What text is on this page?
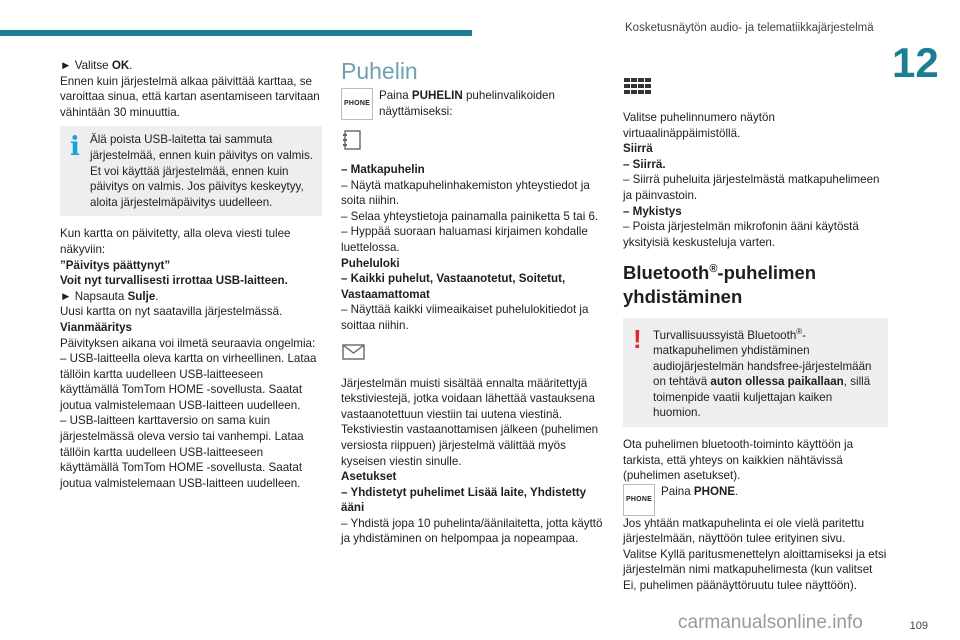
Kosketusnäytön audio- ja telematiikkajärjestelmä
12

► Valitse OK.

Ennen kuin järjestelmä alkaa päivittää karttaa, se varoittaa sinua, että kartan asentamiseen tarvitaan vähintään 30 minuuttia.

i Älä poista USB-laitetta tai sammuta järjestelmää, ennen kuin päivitys on valmis. Et voi käyttää järjestelmää, ennen kuin päivitys on valmis. Jos päivitys keskeytyy, aloita järjestelmäpäivitys uudelleen.

Kun kartta on päivitetty, alla oleva viesti tulee näkyviin:

”Päivitys päättynyt”

Voit nyt turvallisesti irrottaa USB-laitteen.

► Napsauta Sulje.

Uusi kartta on nyt saatavilla järjestelmässä.

Vianmääritys

Päivityksen aikana voi ilmetä seuraavia ongelmia:

– USB-laitteella oleva kartta on virheellinen. Lataa tällöin kartta uudelleen USB-laitteeseen käyttämällä TomTom HOME -sovellusta. Saatat joutua valmistelemaan USB-laitteen uudelleen.

– USB-laitteen karttaversio on sama kuin järjestelmässä oleva versio tai vanhempi. Lataa tällöin kartta uudelleen USB-laitteeseen käyttämällä TomTom HOME -sovellusta. Saatat joutua valmistelemaan USB-laitteen uudelleen.

Puhelin

PHONE

Paina PUHELIN puhelinvalikoiden näyttämiseksi:

– Matkapuhelin

– Näytä matkapuhelinhakemiston yhteystiedot ja soita niihin.

– Selaa yhteystietoja painamalla painiketta 5 tai 6.

– Hyppää suoraan haluamasi kirjaimen kohdalle luettelossa.

Puheluloki

– Kaikki puhelut, Vastaanotetut, Soitetut, Vastaamattomat

– Näyttää kaikki viimeaikaiset puhelulokitiedot ja soittaa niihin.

Järjestelmän muisti sisältää ennalta määritettyjä tekstiviestejä, jotka voidaan lähettää vastauksena vastaanotettuun viestiin tai uutena viestinä.

Tekstiviestin vastaanottamisen jälkeen (puhelimen versiosta riippuen) järjestelmä välittää myös kyseisen viestin sinulle.

Asetukset

– Yhdistetyt puhelimet Lisää laite, Yhdistetty ääni

– Yhdistä jopa 10 puhelinta/äänilaitetta, jotta käyttö ja yhdistäminen on helpompaa ja nopeampaa.

Valitse puhelinnumero näytön virtuaalinäppäimistöllä.

Siirrä

– Siirrä.

– Siirrä puheluita järjestelmästä matkapuhelimeen ja päinvastoin.

– Mykistys

– Poista järjestelmän mikrofonin ääni käytöstä yksityisiä keskusteluja varten.

Bluetooth®-puhelimen yhdistäminen

! Turvallisuussyistä Bluetooth®-matkapuhelimen yhdistäminen audiojärjestelmän handsfree-järjestelmään on tehtävä auton ollessa paikallaan, sillä toimenpide vaatii kuljettajan kaiken huomion.

Ota puhelimen bluetooth-toiminto käyttöön ja tarkista, että yhteys on kaikkien nähtävissä (puhelimen asetukset).

PHONE

Paina PHONE.

Jos yhtään matkapuhelinta ei ole vielä paritettu järjestelmään, näyttöön tulee erityinen sivu.

Valitse Kyllä paritusmenettelyn aloittamiseksi ja etsi järjestelmän nimi matkapuhelimesta (kun valitset Ei, puhelimen päänäyttöruutu tulee näyttöön).

109
carmanualsonline.info
